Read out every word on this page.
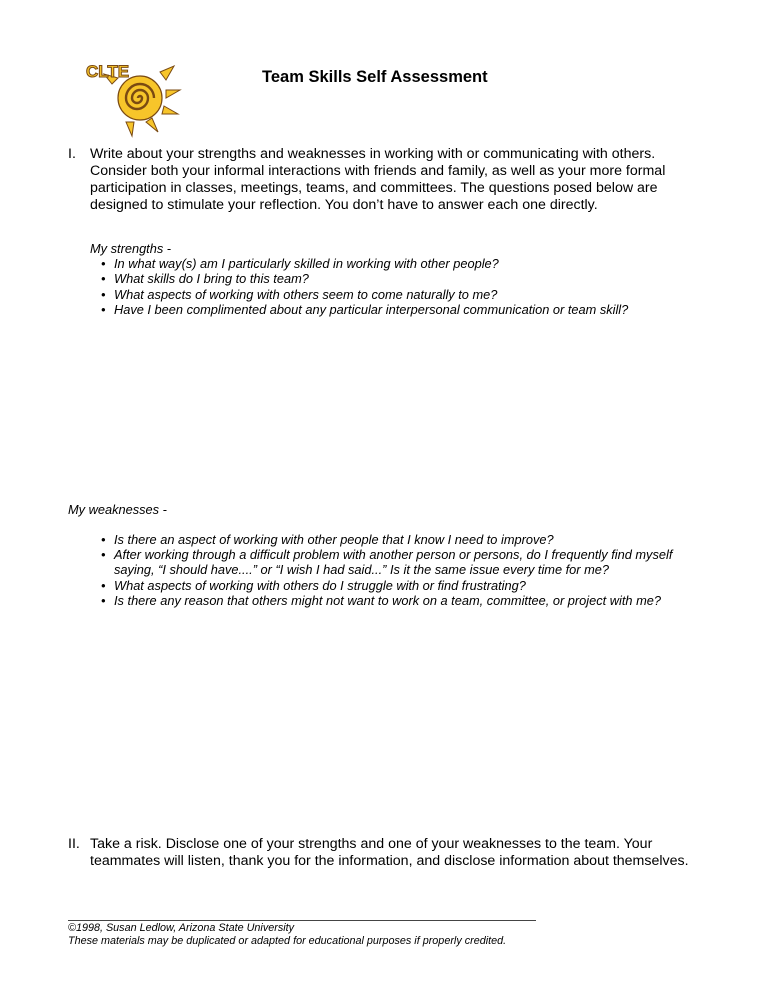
CLTE	Team Skills Self Assessment
I. Write about your strengths and weaknesses in working with or communicating with others. Consider both your informal interactions with friends and family, as well as your more formal participation in classes, meetings, teams, and committees. The questions posed below are designed to stimulate your reflection. You don’t have to answer each one directly.
My strengths -
• In what way(s) am I particularly skilled in working with other people?
• What skills do I bring to this team?
• What aspects of working with others seem to come naturally to me?
• Have I been complimented about any particular interpersonal communication or team skill?
My weaknesses -
• Is there an aspect of working with other people that I know I need to improve?
• After working through a difficult problem with another person or persons, do I frequently find myself saying, “I should have....” or “I wish I had said...” Is it the same issue every time for me?
• What aspects of working with others do I struggle with or find frustrating?
• Is there any reason that others might not want to work on a team, committee, or project with me?
II. Take a risk. Disclose one of your strengths and one of your weaknesses to the team. Your teammates will listen, thank you for the information, and disclose information about themselves.
©1998, Susan Ledlow, Arizona State University
These materials may be duplicated or adapted for educational purposes if properly credited.
